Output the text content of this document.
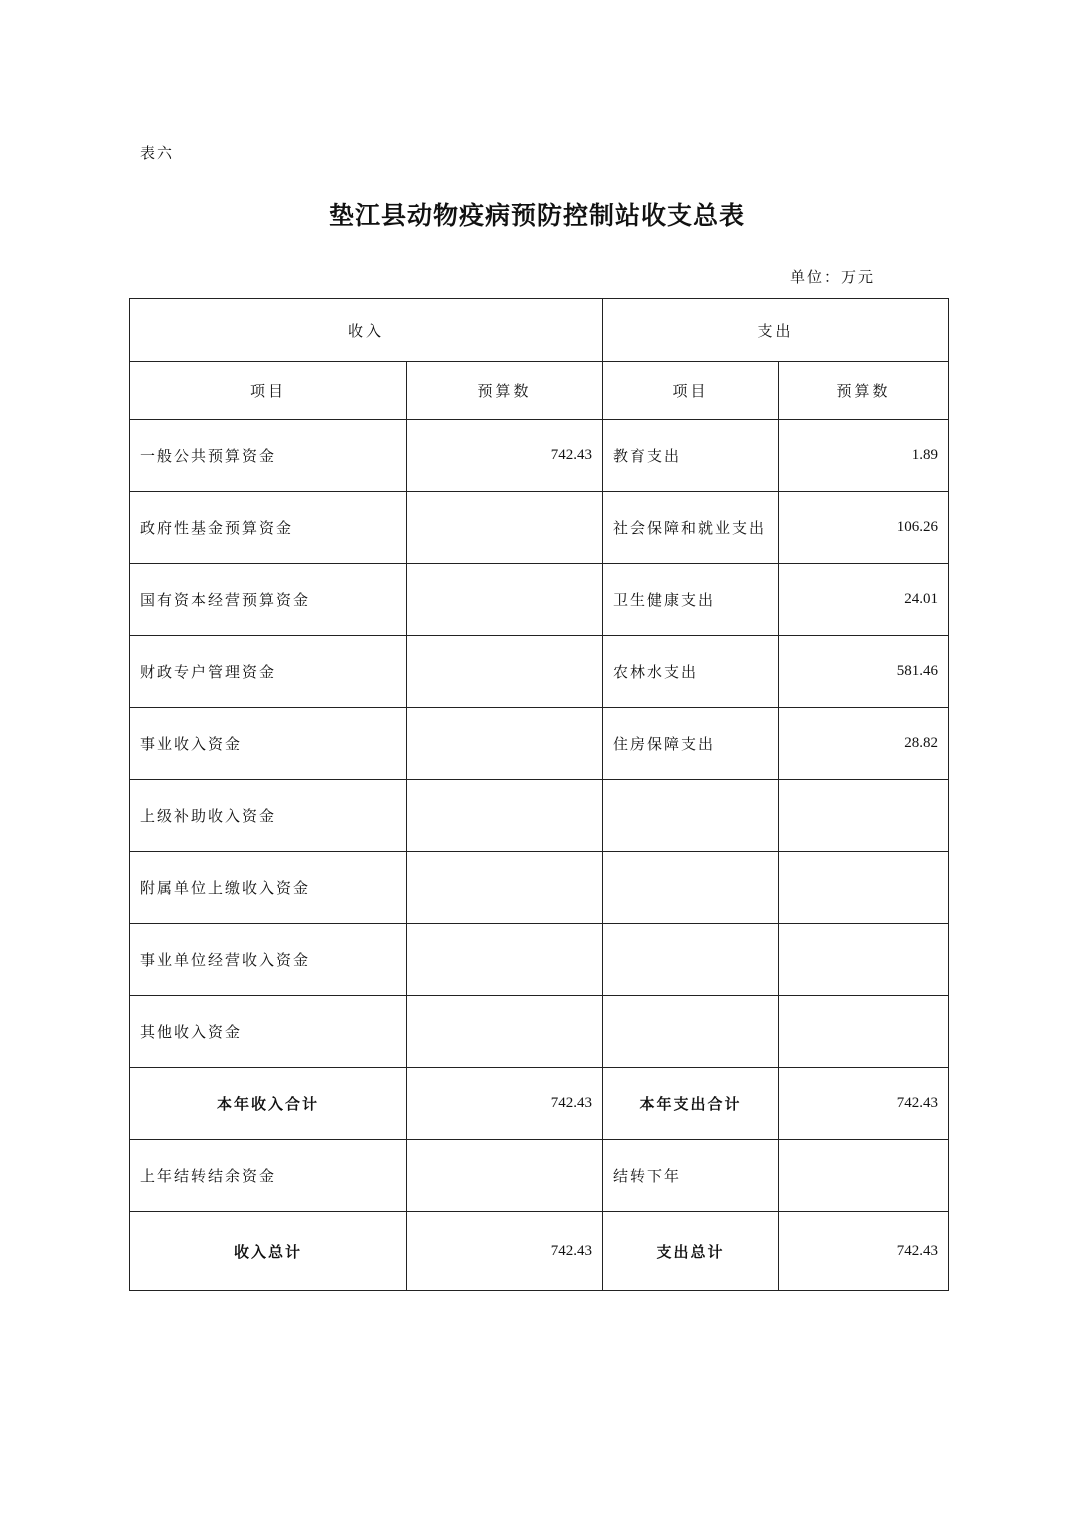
表六
垫江县动物疫病预防控制站收支总表
单位：万元
收入		支出	
项目	预算数	项目	预算数
一般公共预算资金	742.43	教育支出	1.89
政府性基金预算资金		社会保障和就业支出	106.26
国有资本经营预算资金		卫生健康支出	24.01
财政专户管理资金		农林水支出	581.46
事业收入资金		住房保障支出	28.82
上级补助收入资金			
附属单位上缴收入资金			
事业单位经营收入资金			
其他收入资金			
本年收入合计	742.43	本年支出合计	742.43
上年结转结余资金		结转下年	
收入总计	742.43	支出总计	742.43
